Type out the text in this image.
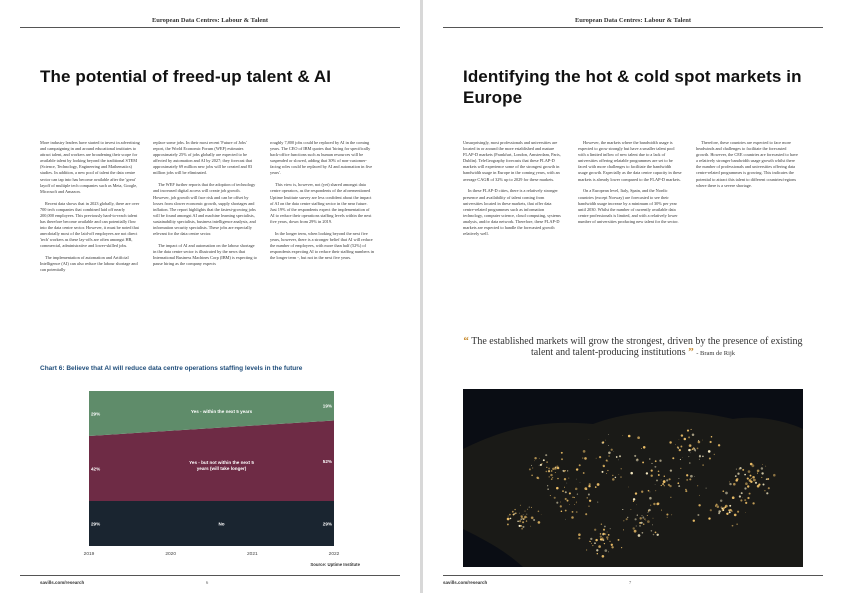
European Data Centres: Labour & Talent
The potential of freed-up talent & AI

More industry leaders have started to invest in advertising and campaigning in and around educational institutes to attract talent, and workers are broadening their scope for available talent by looking beyond the traditional STEM (Science, Technology, Engineering and Mathematics) studies. In addition, a new pool of talent the data centre sector can tap into has become available after the 'great' layoff of multiple tech companies such as Meta, Google, Microsoft and Amazon.

Recent data shows that in 2023 globally, there are over 700 tech companies that combined laid off nearly 200,000 employees. This previously hard-to-reach talent has therefore become available and can potentially flow into the data centre sector. However, it must be noted that anecdotally most of the laid-off employees are not direct 'tech' workers as these lay-offs are often amongst HR, commercial, administrative and lower-skilled jobs.

The implementation of automation and Artificial Intelligence (AI) can also reduce the labour shortage and can potentially

replace some jobs. In their most recent 'Future of Jobs' report, the World Economic Forum (WEF) estimates approximately 25% of jobs globally are expected to be affected by automation and AI by 2027; they forecast that approximately 69 million new jobs will be created and 83 million jobs will be eliminated.

The WEF further reports that the adoption of technology and increased digital access will create job growth. However, job growth will face risk and can be offset by losses from slower economic growth, supply shortages and inflation. The report highlights that the fastest-growing jobs will be found amongst AI and machine learning specialists, sustainability specialists, business intelligence analysts, and information security specialists. These jobs are especially relevant for the data centre sector.

The impact of AI and automation on the labour shortage in the data centre sector is illustrated by the news that International Business Machines Corp (IBM) is expecting to pause hiring as the company expects

roughly 7,800 jobs could be replaced by AI in the coming years. The CEO of IBM quotes that 'hiring for specifically back-office functions such as human resources will be suspended or slowed, adding that 30% of non-customer-facing roles could be replaced by AI and automation in five years'.

This view is, however, not (yet) shared amongst data centre operators, as the respondents of the aforementioned Uptime Institute survey are less confident about the impact of AI on the data centre staffing sector in the near future. Just 19% of the respondents expect the implementation of AI to reduce their operations staffing levels within the next five years, down from 29% in 2019.

In the longer term, when looking beyond the next five years, however, there is a stronger belief that AI will reduce the number of employees, with more than half (52%) of respondents expecting AI to reduce their staffing numbers in the longer term -, but not in the next five years.

Chart 6: Believe that AI will reduce data centre operations staffing levels in the future
2019	2020	2021	2022
No
Yes - but not within the next 5 years (will take longer)
Yes - within the next 5 years
29%	29%
42%
52%
29%
19%
Source: Uptime Institute
savills.com/research	6
European Data Centres: Labour & Talent
Identifying the hot & cold spot markets in Europe

Unsurprisingly, most professionals and universities are located in or around the more established and mature FLAP-D markets (Frankfurt, London, Amsterdam, Paris, Dublin). TeleGeography forecasts that these FLAP-D markets will experience some of the strongest growth in bandwidth usage in Europe in the coming years, with an average CAGR of 32% up to 2029 for these markets.

In these FLAP-D cities, there is a relatively stronger presence and availability of talent coming from universities located in these markets, that offer data centre-related programmes such as information technology, computer science, cloud computing, systems analysis, and/or data network. Therefore, these FLAP-D markets are expected to handle the forecasted growth relatively well.

However, the markets where the bandwidth usage is expected to grow strongly but have a smaller talent pool with a limited inflow of new talent due to a lack of universities offering relatable programmes are set to be faced with more challenges to facilitate the bandwidth usage growth. Especially as the data centre capacity in these markets is already lower compared to the FLAP-D markets.

On a European level, Italy, Spain, and the Nordic countries (except Norway) are forecasted to see their bandwidth usage increase by a minimum of 30% per year until 2030. Whilst the number of currently available data centre professionals is limited, and with a relatively lower number of universities producing new talent for the sector.

Therefore, these countries are expected to face more headwinds and challenges to facilitate the forecasted growth. However, the CEE countries are forecasted to have a relatively stronger bandwidth usage growth whilst there the number of professionals and universities offering data centre-related programmes is growing. This indicates the potential to attract this talent to different countries/regions where there is a severe shortage.

“ The established markets will grow the strongest, driven by the presence of existing talent and talent-producing institutions ” - Bram de Rijk
savills.com/research	7
